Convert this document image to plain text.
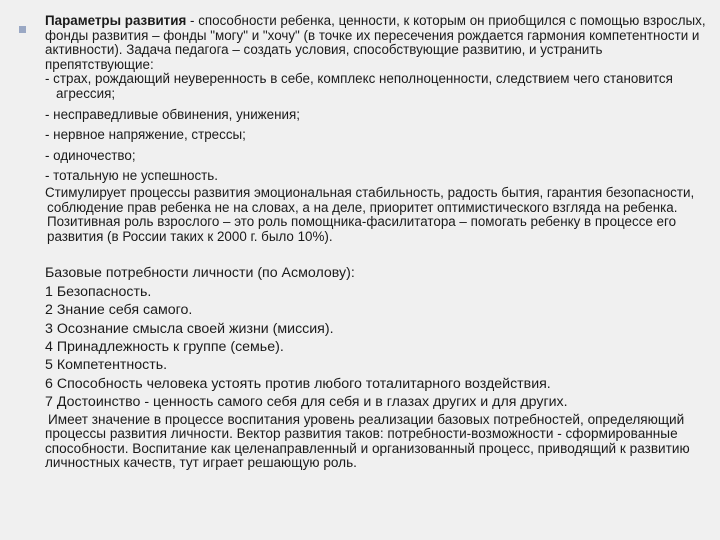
Параметры развития - способности ребенка, ценности, к которым он приобщился с помощью взрослых, фонды развития – фонды "могу" и "хочу" (в точке их пересечения рождается гармония компетентности и активности). Задача педагога – создать условия, способствующие развитию, и устранить препятствующие:

- страх, рождающий неуверенность в себе, комплекс неполноценности, следствием чего становится агрессия;

- несправедливые обвинения, унижения;

- нервное напряжение, стрессы;

- одиночество;

- тотальную не успешность.

Стимулирует процессы развития эмоциональная стабильность, радость бытия, гарантия безопасности, соблюдение прав ребенка не на словах, а на деле, приоритет оптимистического взгляда на ребенка. Позитивная роль взрослого – это роль помощника-фасилитатора – помогать ребенку в процессе его развития (в России таких к 2000 г. было 10%).

Базовые потребности личности (по Асмолову):

1 Безопасность.

2 Знание себя самого.

3 Осознание смысла своей жизни (миссия).

4 Принадлежность к группе (семье).

5 Компетентность.

6 Способность человека устоять против любого тоталитарного воздействия.

7 Достоинство - ценность самого себя для себя и в глазах других и для других.

Имеет значение в процессе воспитания уровень реализации базовых потребностей, определяющий процессы развития личности. Вектор развития таков: потребности-возможности - сформированные способности. Воспитание как целенаправленный и организованный процесс, приводящий к развитию личностных качеств, тут играет решающую роль.
